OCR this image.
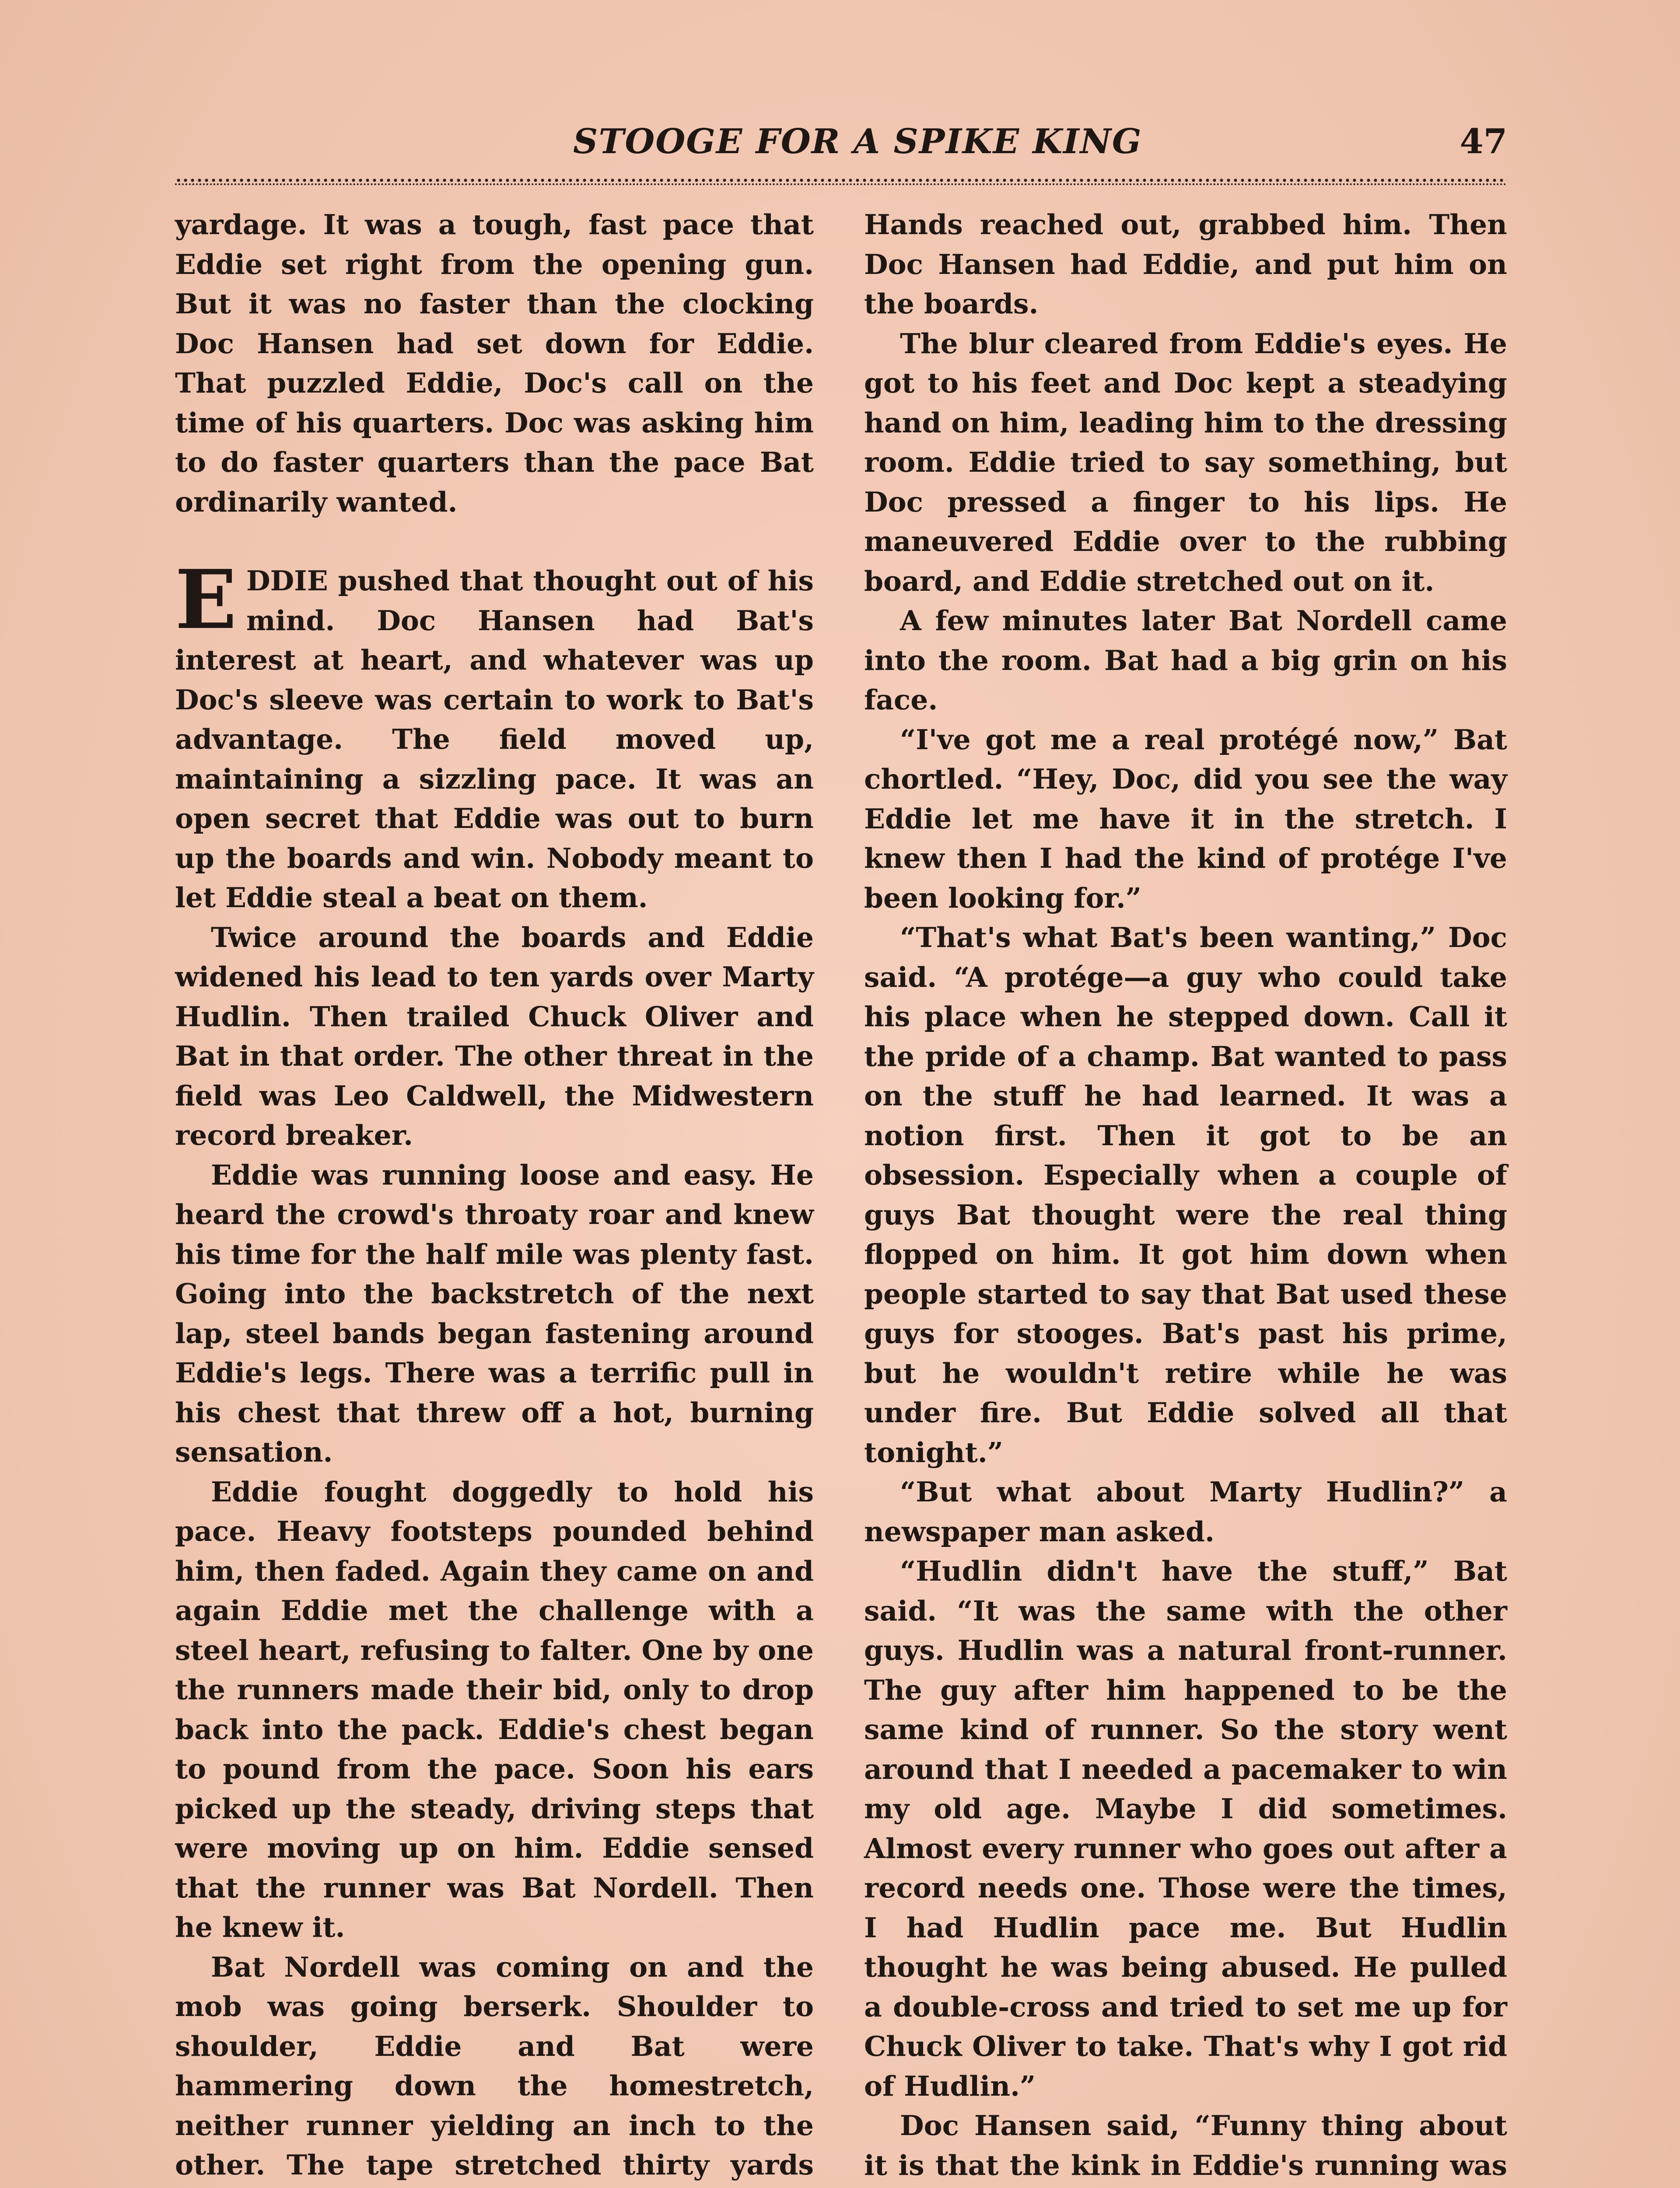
STOOGE FOR A SPIKE KING	47

yardage. It was a tough, fast pace that Eddie set right from the opening gun. But it was no faster than the clocking Doc Hansen had set down for Eddie. That puzzled Eddie, Doc's call on the time of his quarters. Doc was asking him to do faster quarters than the pace Bat ordinarily wanted.

EDDIE pushed that thought out of his mind. Doc Hansen had Bat's interest at heart, and whatever was up Doc's sleeve was certain to work to Bat's advantage. The field moved up, maintaining a sizzling pace. It was an open secret that Eddie was out to burn up the boards and win. Nobody meant to let Eddie steal a beat on them.

Twice around the boards and Eddie widened his lead to ten yards over Marty Hudlin. Then trailed Chuck Oliver and Bat in that order. The other threat in the field was Leo Caldwell, the Midwestern record breaker.

Eddie was running loose and easy. He heard the crowd's throaty roar and knew his time for the half mile was plenty fast. Going into the backstretch of the next lap, steel bands began fastening around Eddie's legs. There was a terrific pull in his chest that threw off a hot, burning sensation.

Eddie fought doggedly to hold his pace. Heavy footsteps pounded behind him, then faded. Again they came on and again Eddie met the challenge with a steel heart, refusing to falter. One by one the runners made their bid, only to drop back into the pack. Eddie's chest began to pound from the pace. Soon his ears picked up the steady, driving steps that were moving up on him. Eddie sensed that the runner was Bat Nordell. Then he knew it.

Bat Nordell was coming on and the mob was going berserk. Shoulder to shoulder, Eddie and Bat were hammering down the homestretch, neither runner yielding an inch to the other. The tape stretched thirty yards

Hands reached out, grabbed him. Then Doc Hansen had Eddie, and put him on the boards.

The blur cleared from Eddie's eyes. He got to his feet and Doc kept a steadying hand on him, leading him to the dressing room. Eddie tried to say something, but Doc pressed a finger to his lips. He maneuvered Eddie over to the rubbing board, and Eddie stretched out on it.

A few minutes later Bat Nordell came into the room. Bat had a big grin on his face.

“I've got me a real protégé now,” Bat chortled. “Hey, Doc, did you see the way Eddie let me have it in the stretch. I knew then I had the kind of protége I've been looking for.”

“That's what Bat's been wanting,” Doc said. “A protége—a guy who could take his place when he stepped down. Call it the pride of a champ. Bat wanted to pass on the stuff he had learned. It was a notion first. Then it got to be an obsession. Especially when a couple of guys Bat thought were the real thing flopped on him. It got him down when people started to say that Bat used these guys for stooges. Bat's past his prime, but he wouldn't retire while he was under fire. But Eddie solved all that tonight.”

“But what about Marty Hudlin?” a newspaper man asked.

“Hudlin didn't have the stuff,” Bat said. “It was the same with the other guys. Hudlin was a natural front-runner. The guy after him happened to be the same kind of runner. So the story went around that I needed a pacemaker to win my old age. Maybe I did sometimes. Almost every runner who goes out after a record needs one. Those were the times, I had Hudlin pace me. But Hudlin thought he was being abused. He pulled a double-cross and tried to set me up for Chuck Oliver to take. That's why I got rid of Hudlin.”

Doc Hansen said, “Funny thing about it is that the kink in Eddie's running was
